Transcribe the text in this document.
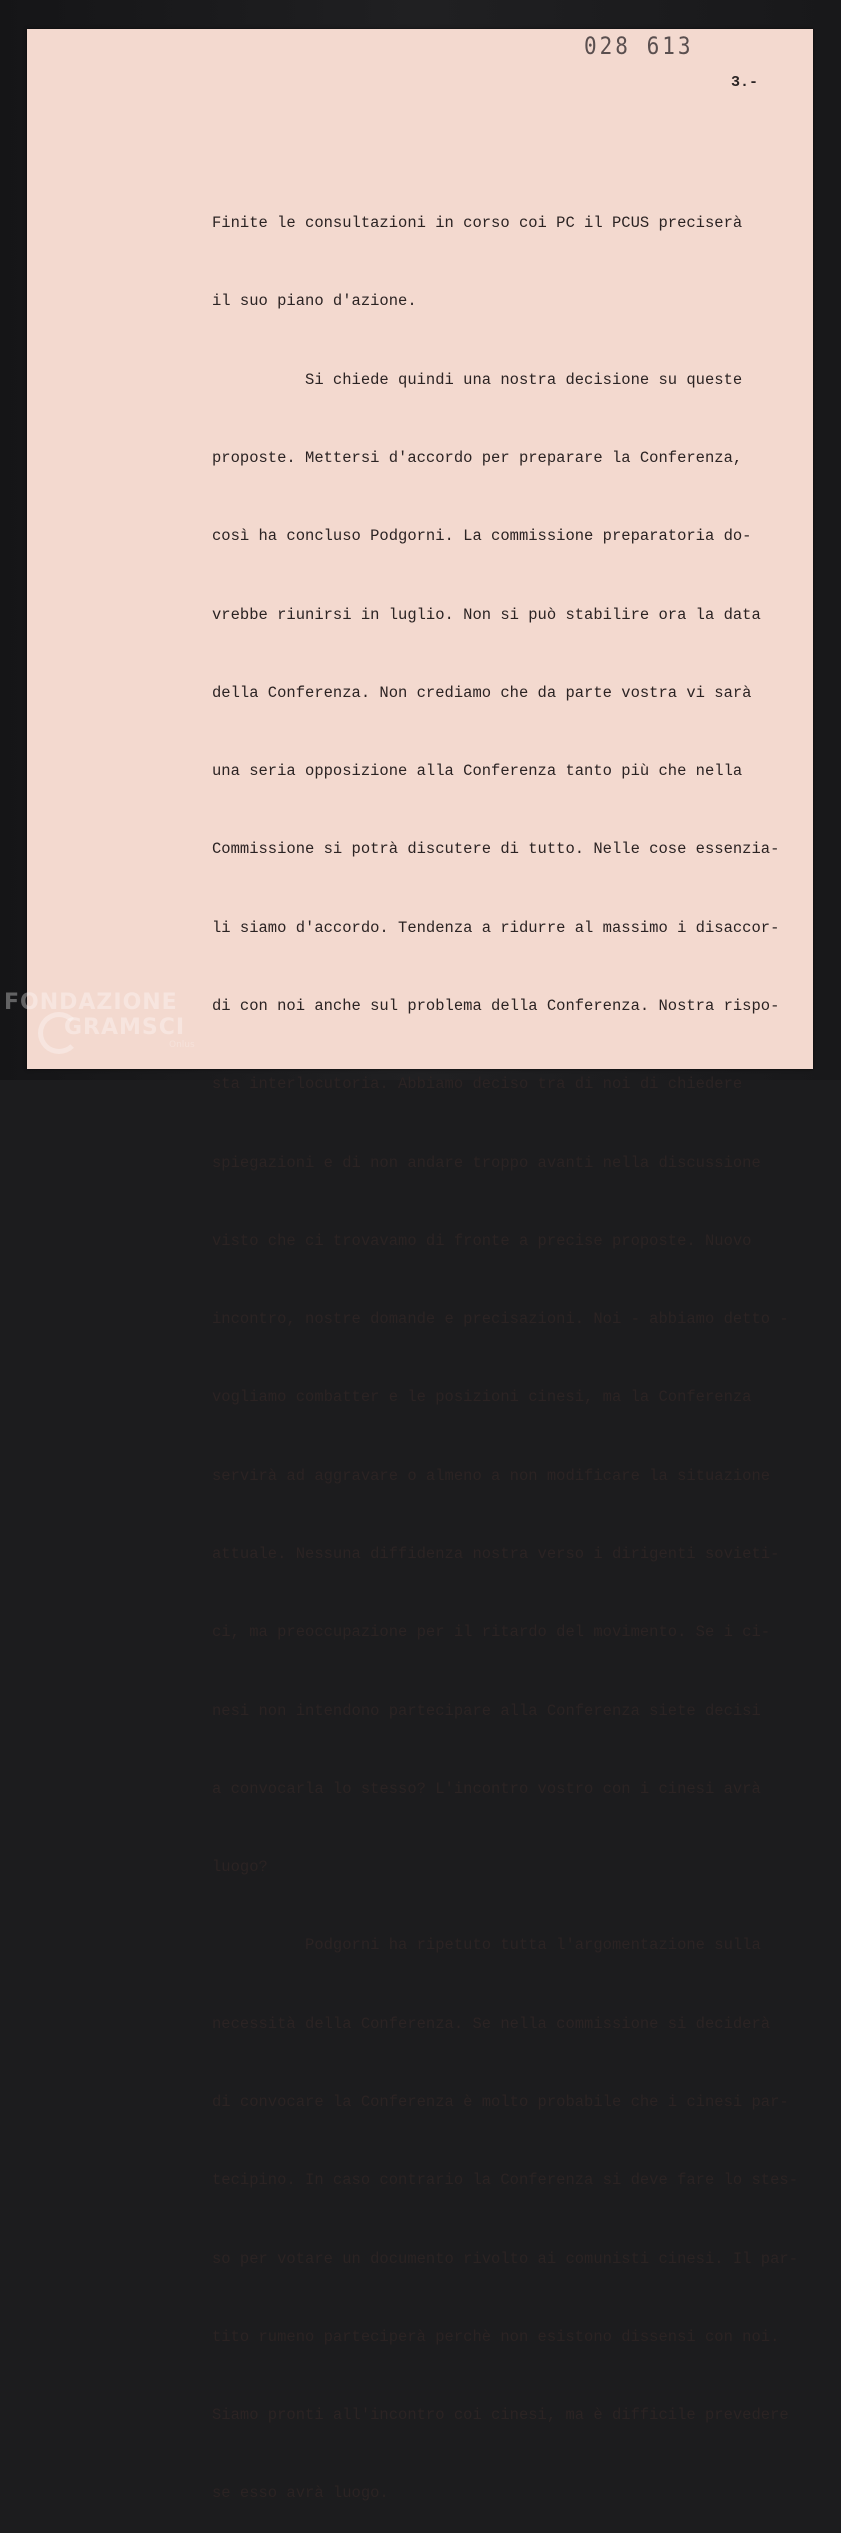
028 613
3.-

Finite le consultazioni in corso coi PC il PCUS preciserà

il suo piano d'azione.

Si chiede quindi una nostra decisione su queste

proposte. Mettersi d'accordo per preparare la Conferenza,

così ha concluso Podgorni. La commissione preparatoria do-

vrebbe riunirsi in luglio. Non si può stabilire ora la data

della Conferenza. Non crediamo che da parte vostra vi sarà

una seria opposizione alla Conferenza tanto più che nella

Commissione si potrà discutere di tutto. Nelle cose essenzia-

li siamo d'accordo. Tendenza a ridurre al massimo i disaccor-

di con noi anche sul problema della Conferenza. Nostra rispo-

sta interlocutoria. Abbiamo deciso tra di noi di chiedere

spiegazioni e di non andare troppo avanti nella discussione

visto che ci trovavamo di fronte a precise proposte. Nuovo

incontro, nostre domande e precisazioni. Noi - abbiamo detto -

vogliamo combatter e le posizioni cinesi, ma la Conferenza

servirà ad aggravare o almeno a non modificare la situazione

attuale. Nessuna diffidenza nostra verso i dirigenti sovieti-

ci, ma preoccupazione per il ritardo del movimento. Se i ci-

nesi non intendono partecipare alla Conferenza siete decisi

a convocarla lo stesso? L'incontro vostro con i cinesi avrà

luogo?

Podgorni ha ripetuto tutta l'argomentazione sulla

necessità della Conferenza. Se nella commissione si deciderà

di convocare la Conferenza è molto probabile che i cinesi par-

tecipino. In caso contrario la Conferenza si deve fare lo stes-

so per votare un documento rivolto ai comunisti cinesi. Il par-

tito rumeno parteciperà perchè non esistono dissensi con noi.

Siamo pronti all'incontro coi cinesi, ma è difficile prevedere

se esso avrà luogo.

FONDAZIONE
GRAMSCI
Onlus
